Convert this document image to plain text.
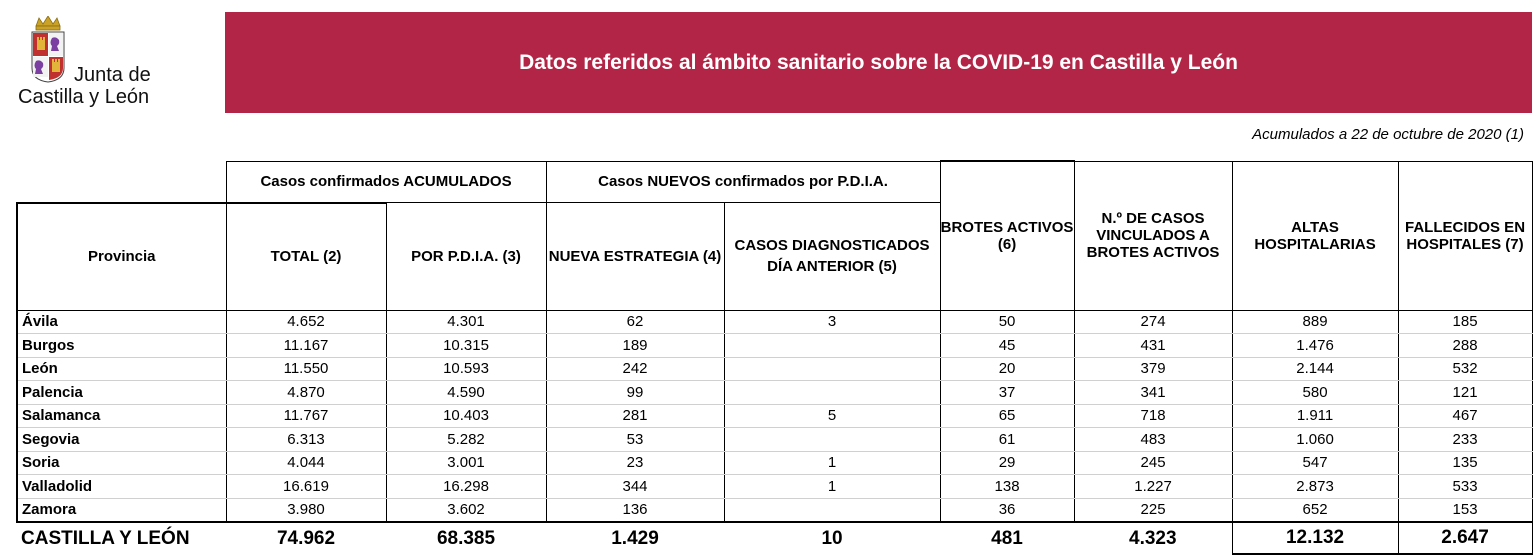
Junta de
Castilla y León
Datos referidos al ámbito sanitario sobre la COVID-19 en Castilla y León
Acumulados a 22 de octubre de 2020 (1)
	Casos confirmados ACUMULADOS		Casos NUEVOS confirmados por P.D.I.A.		BROTES ACTIVOS (6)	N.º DE CASOS VINCULADOS A BROTES ACTIVOS	ALTAS HOSPITALARIAS	FALLECIDOS EN HOSPITALES (7)
Provincia	TOTAL (2)	POR P.D.I.A. (3)	NUEVA ESTRATEGIA (4)	CASOS DIAGNOSTICADOS DÍA ANTERIOR (5)				
Ávila	4.652	4.301	62	3	50	274	889	185
Burgos	11.167	10.315	189		45	431	1.476	288
León	11.550	10.593	242		20	379	2.144	532
Palencia	4.870	4.590	99		37	341	580	121
Salamanca	11.767	10.403	281	5	65	718	1.911	467
Segovia	6.313	5.282	53		61	483	1.060	233
Soria	4.044	3.001	23	1	29	245	547	135
Valladolid	16.619	16.298	344	1	138	1.227	2.873	533
Zamora	3.980	3.602	136		36	225	652	153
CASTILLA Y LEÓN	74.962	68.385	1.429	10	481	4.323	12.132	2.647
